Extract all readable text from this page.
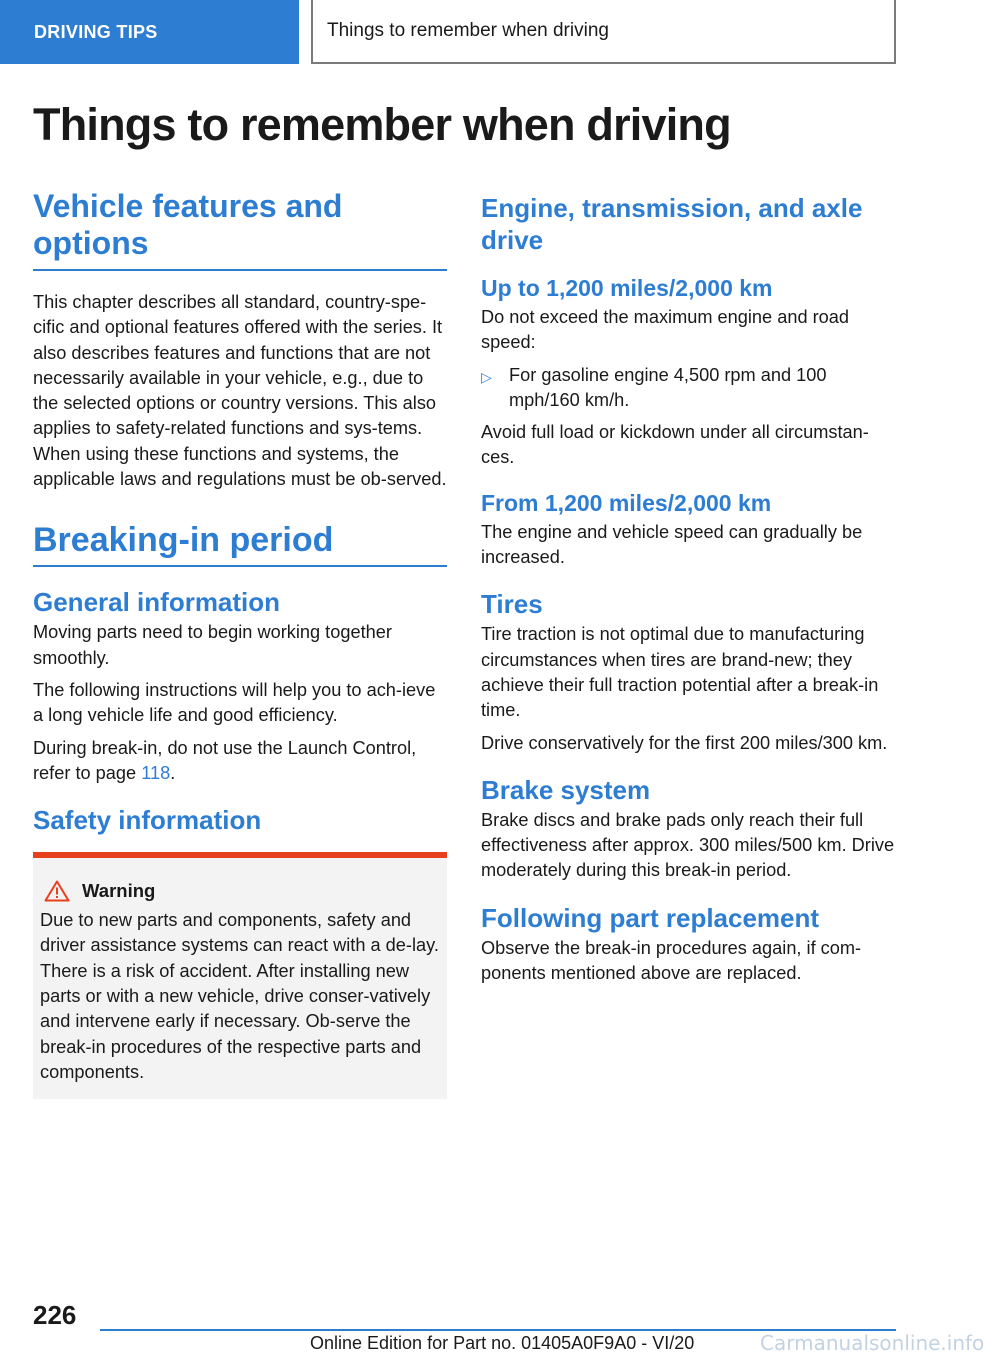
DRIVING TIPS	Things to remember when driving
Things to remember when driving
Vehicle features and options

This chapter describes all standard, country-spe-cific and optional features offered with the series. It also describes features and functions that are not necessarily available in your vehicle, e.g., due to the selected options or country versions. This also applies to safety-related functions and sys-tems. When using these functions and systems, the applicable laws and regulations must be ob-served.

Breaking-in period
General information

Moving parts need to begin working together smoothly.

The following instructions will help you to ach-ieve a long vehicle life and good efficiency.

During break-in, do not use the Launch Control, refer to page 118.

Safety information
Warning

Due to new parts and components, safety and driver assistance systems can react with a de-lay. There is a risk of accident. After installing new parts or with a new vehicle, drive conser-vatively and intervene early if necessary. Ob-serve the break-in procedures of the respective parts and components.

Engine, transmission, and axle drive
Up to 1,200 miles/2,000 km

Do not exceed the maximum engine and road speed:

▷ For gasoline engine 4,500 rpm and 100 mph/160 km/h.

Avoid full load or kickdown under all circumstan-ces.

From 1,200 miles/2,000 km

The engine and vehicle speed can gradually be increased.

Tires

Tire traction is not optimal due to manufacturing circumstances when tires are brand-new; they achieve their full traction potential after a break-in time.

Drive conservatively for the first 200 miles/300 km.

Brake system

Brake discs and brake pads only reach their full effectiveness after approx. 300 miles/500 km. Drive moderately during this break-in period.

Following part replacement

Observe the break-in procedures again, if com-ponents mentioned above are replaced.

226
Online Edition for Part no. 01405A0F9A0 - VI/20	Carmanualsonline.info
